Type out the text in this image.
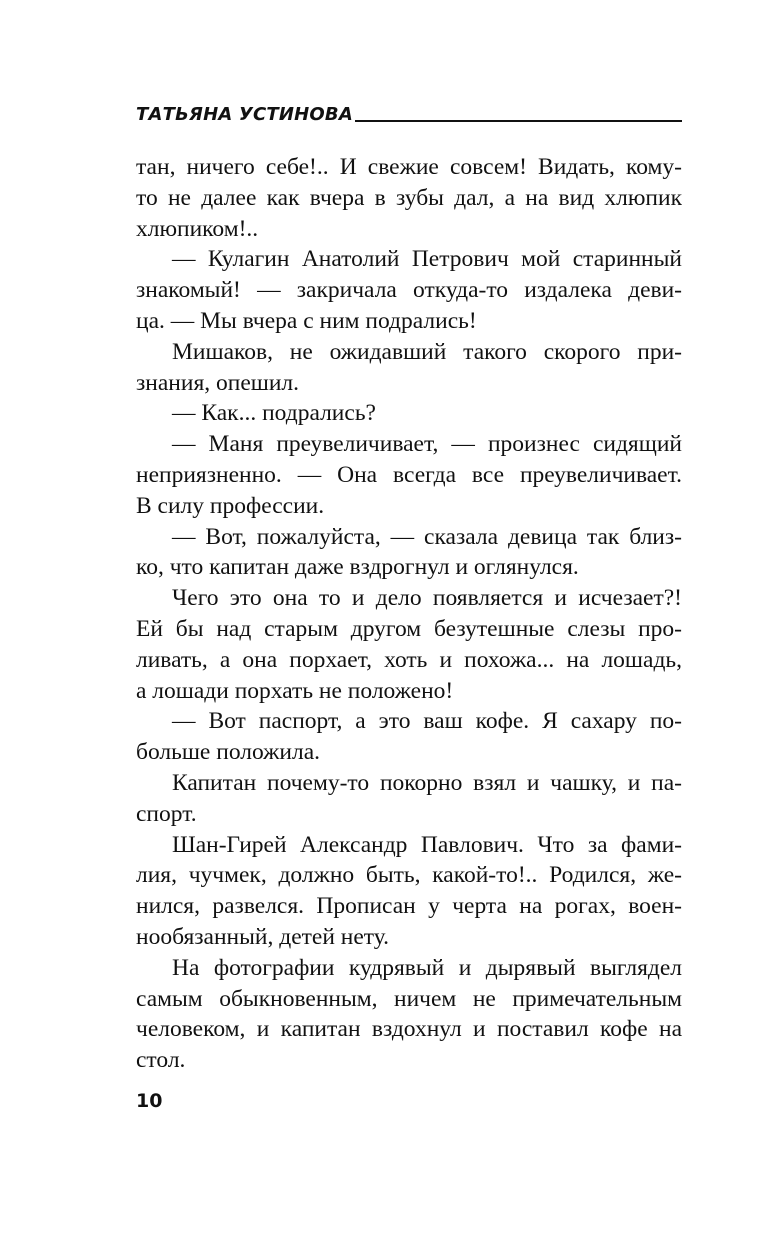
ТАТЬЯНА УСТИНОВА
тан, ничего себе!.. И свежие совсем! Видать, кому-
то не далее как вчера в зубы дал, а на вид хлюпик
хлюпиком!..
— Кулагин Анатолий Петрович мой старинный
знакомый! — закричала откуда-то издалека деви-
ца. — Мы вчера с ним подрались!
Мишаков, не ожидавший такого скорого при-
знания, опешил.
— Как... подрались?
— Маня преувеличивает, — произнес сидящий
неприязненно. — Она всегда все преувеличивает.
В силу профессии.
— Вот, пожалуйста, — сказала девица так близ-
ко, что капитан даже вздрогнул и оглянулся.
Чего это она то и дело появляется и исчезает?!
Ей бы над старым другом безутешные слезы про-
ливать, а она порхает, хоть и похожа... на лошадь,
а лошади порхать не положено!
— Вот паспорт, а это ваш кофе. Я сахару по-
больше положила.
Капитан почему-то покорно взял и чашку, и па-
спорт.
Шан-Гирей Александр Павлович. Что за фами-
лия, чучмек, должно быть, какой-то!.. Родился, же-
нился, развелся. Прописан у черта на рогах, воен-
нообязанный, детей нету.
На фотографии кудрявый и дырявый выглядел
самым обыкновенным, ничем не примечательным
человеком, и капитан вздохнул и поставил кофе на
стол.
10
